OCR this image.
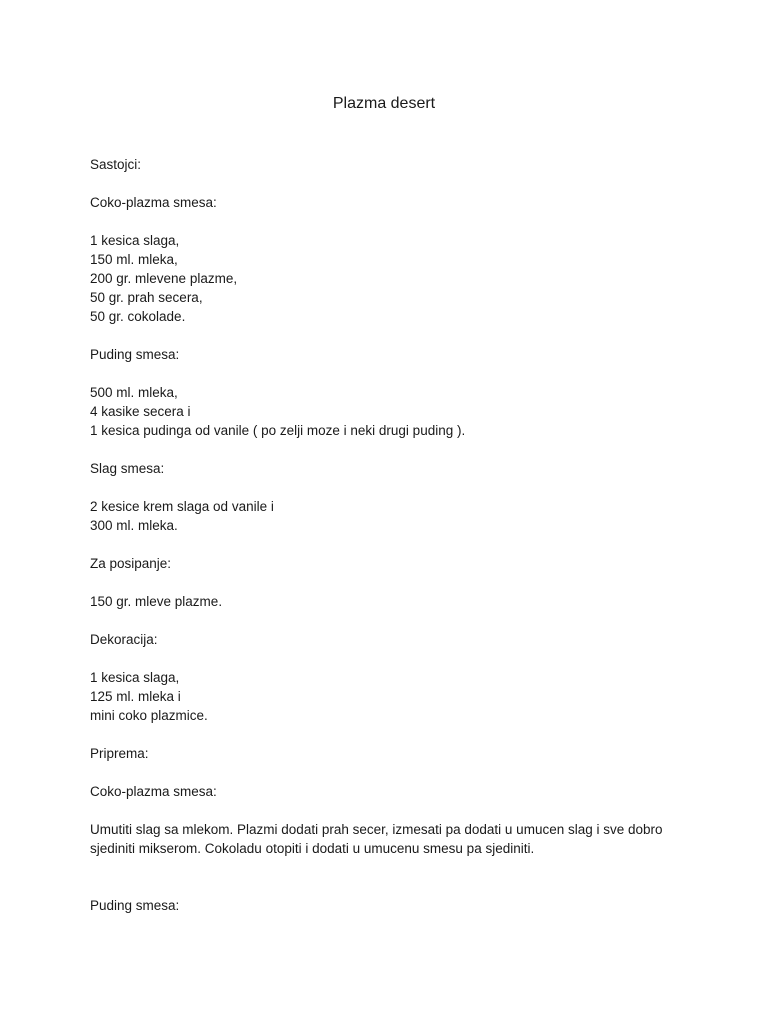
Plazma desert
Sastojci:
Coko-plazma smesa:
1 kesica slaga,
150 ml. mleka,
200 gr. mlevene plazme,
50 gr. prah secera,
50 gr. cokolade.
Puding smesa:
500 ml. mleka,
4 kasike secera i
1 kesica pudinga od vanile ( po zelji moze i neki drugi puding ).
Slag smesa:
2 kesice krem slaga od vanile i
300 ml. mleka.
Za posipanje:
150 gr. mleve plazme.
Dekoracija:
1 kesica slaga,
125 ml. mleka i
mini coko plazmice.
Priprema:
Coko-plazma smesa:
Umutiti slag sa mlekom. Plazmi dodati prah secer, izmesati pa dodati u umucen slag i sve dobro sjediniti mikserom. Cokoladu otopiti i dodati u umucenu smesu pa sjediniti.
Puding smesa:
